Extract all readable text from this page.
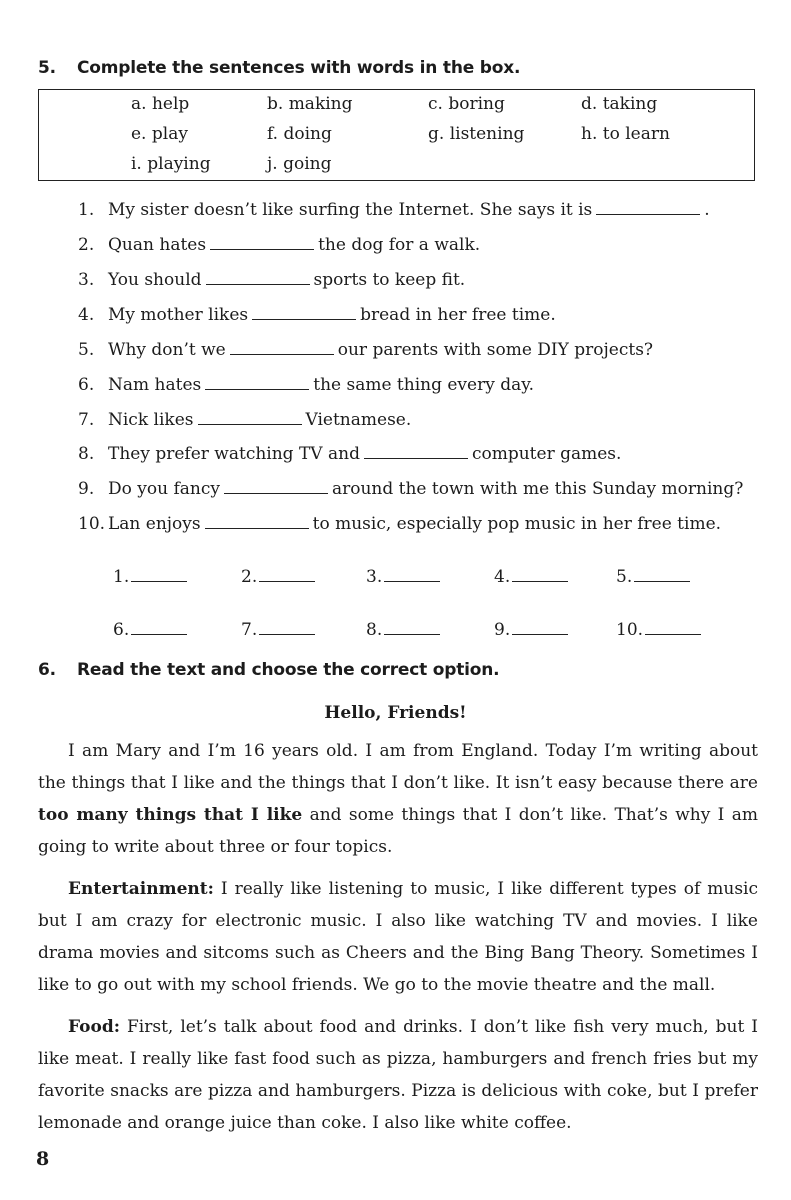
5. Complete the sentences with words in the box.
a. help	b. making	c. boring	d. taking
e. play	f. doing	g. listening	h. to learn
i. playing	j. going
1. My sister doesn’t like surfing the Internet. She says it is	.
2. Quan hates	the dog for a walk.
3. You should	sports to keep fit.
4. My mother likes	bread in her free time.
5. Why don’t we	our parents with some DIY projects?
6. Nam hates	the same thing every day.
7. Nick likes	Vietnamese.
8. They prefer watching TV and	computer games.
9. Do you fancy	around the town with me this Sunday morning?
10. Lan enjoys	to music, especially pop music in her free time.
1.	2.	3.	4.	5.
6.	7.	8.	9.	10.
6. Read the text and choose the correct option.
Hello, Friends!
I am Mary and I’m 16 years old. I am from England. Today I’m writing about the things that I like and the things that I don’t like. It isn’t easy because there are too many things that I like and some things that I don’t like. That’s why I am going to write about three or four topics.
Entertainment: I really like listening to music, I like different types of music but I am crazy for electronic music. I also like watching TV and movies. I like drama movies and sitcoms such as Cheers and the Bing Bang Theory. Sometimes I like to go out with my school friends. We go to the movie theatre and the mall.
Food: First, let’s talk about food and drinks. I don’t like fish very much, but I like meat. I really like fast food such as pizza, hamburgers and french fries but my favorite snacks are pizza and hamburgers. Pizza is delicious with coke, but I prefer lemonade and orange juice than coke. I also like white coffee.
8
